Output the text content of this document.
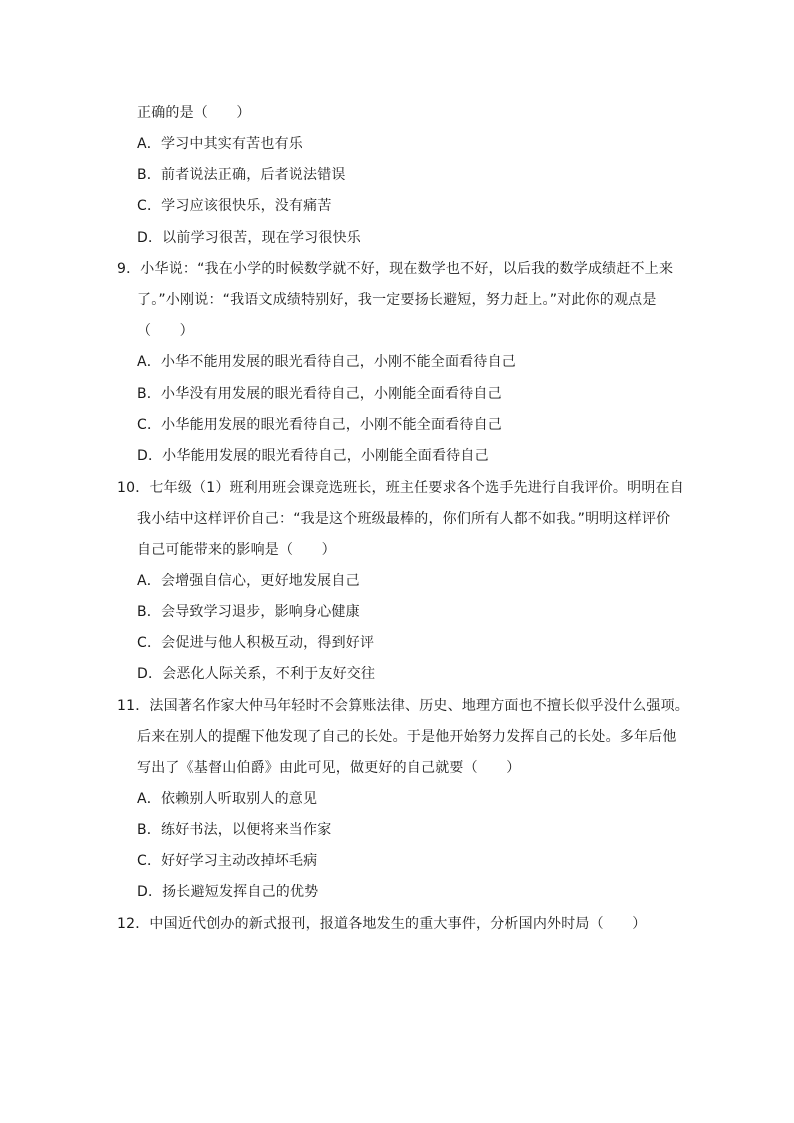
正确的是（　　）
A．学习中其实有苦也有乐
B．前者说法正确，后者说法错误
C．学习应该很快乐，没有痛苦
D．以前学习很苦，现在学习很快乐
9．小华说：“我在小学的时候数学就不好，现在数学也不好，以后我的数学成绩赶不上来
了。”小刚说：“我语文成绩特别好，我一定要扬长避短，努力赶上。”对此你的观点是
（　　）
A．小华不能用发展的眼光看待自己，小刚不能全面看待自己
B．小华没有用发展的眼光看待自己，小刚能全面看待自己
C．小华能用发展的眼光看待自己，小刚不能全面看待自己
D．小华能用发展的眼光看待自己，小刚能全面看待自己
10．七年级（1）班利用班会课竞选班长，班主任要求各个选手先进行自我评价。明明在自
我小结中这样评价自己：“我是这个班级最棒的，你们所有人都不如我。”明明这样评价
自己可能带来的影响是（　　）
A．会增强自信心，更好地发展自己
B．会导致学习退步，影响身心健康
C．会促进与他人积极互动，得到好评
D．会恶化人际关系，不利于友好交往
11．法国著名作家大仲马年轻时不会算账法律、历史、地理方面也不擅长似乎没什么强项。
后来在别人的提醒下他发现了自己的长处。于是他开始努力发挥自己的长处。多年后他
写出了《基督山伯爵》由此可见，做更好的自己就要（　　）
A．依赖别人听取别人的意见
B．练好书法，以便将来当作家
C．好好学习主动改掉坏毛病
D．扬长避短发挥自己的优势
12．中国近代创办的新式报刊，报道各地发生的重大事件，分析国内外时局（　　）
